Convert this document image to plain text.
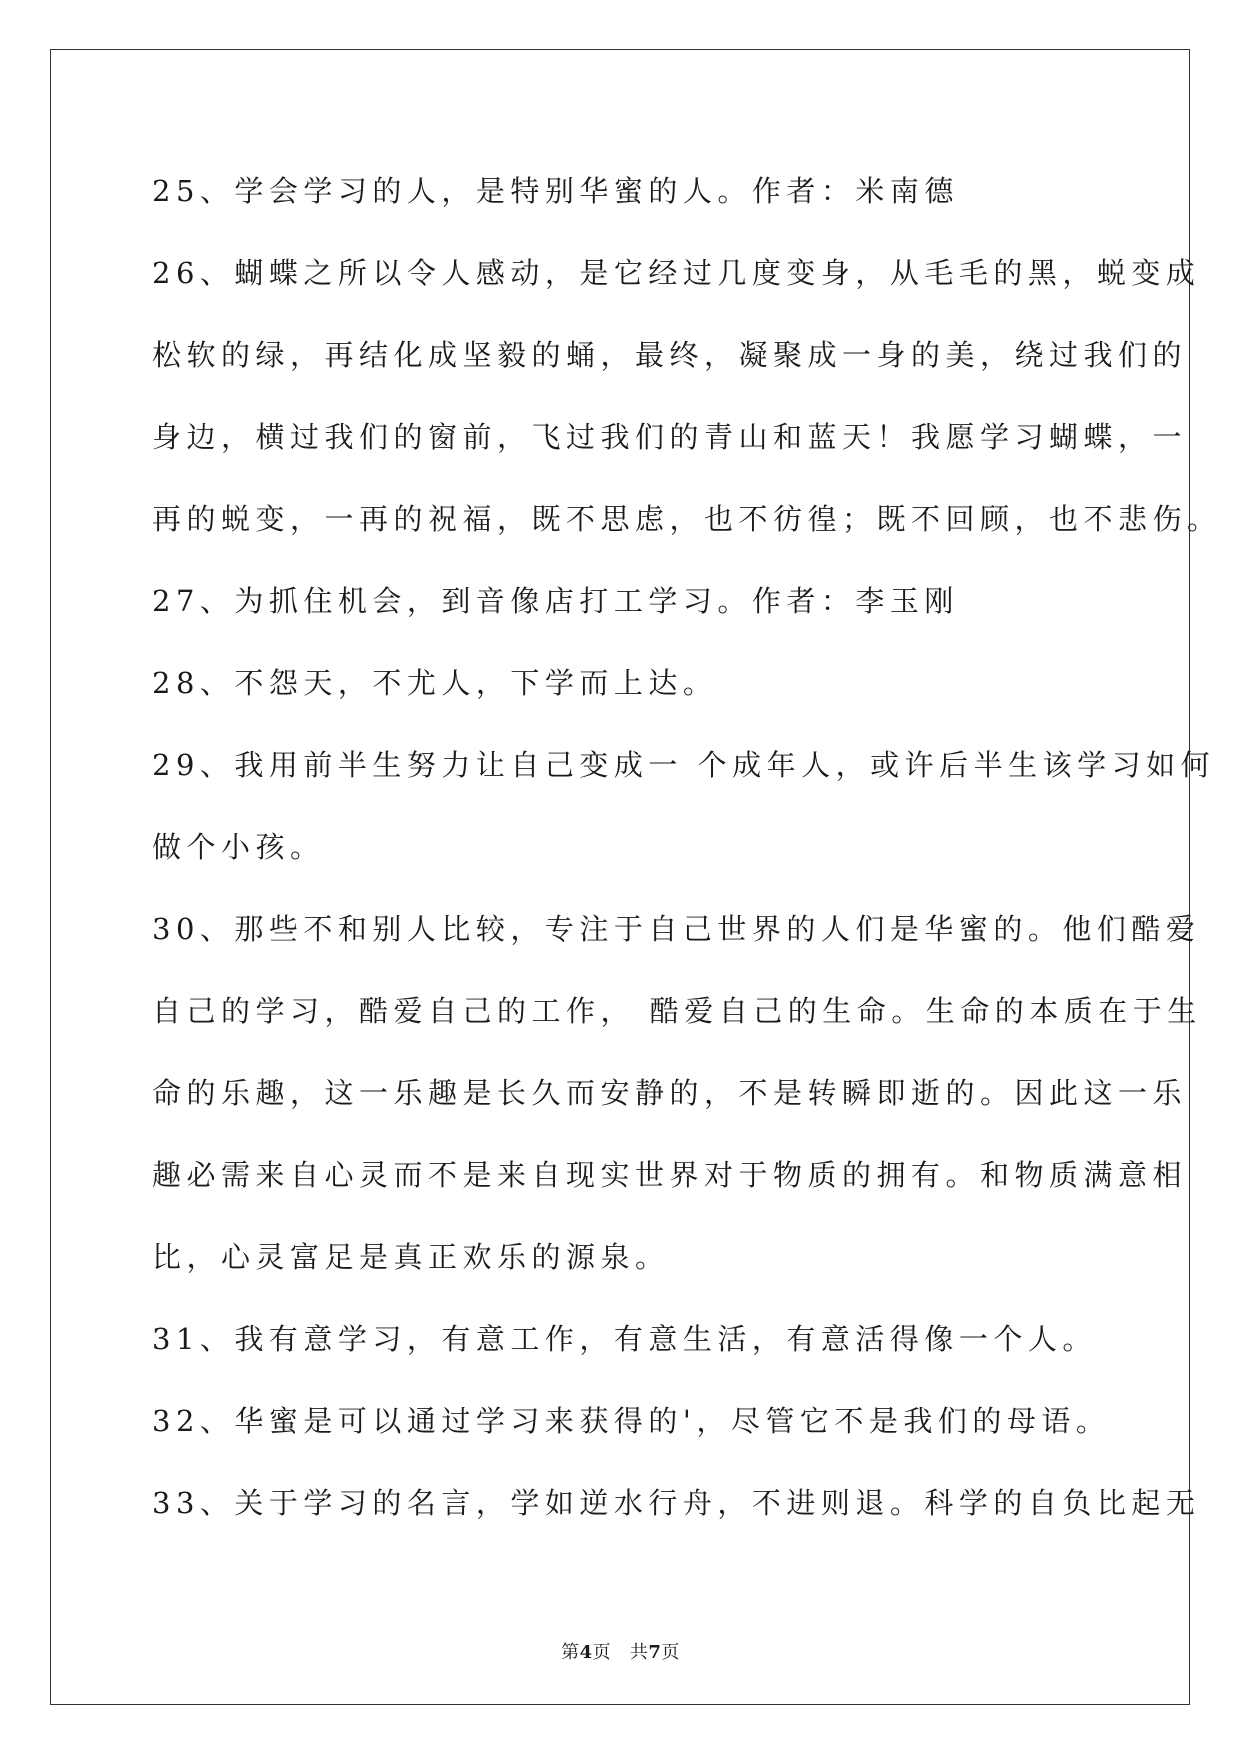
25、学会学习的人，是特别华蜜的人。作者：米南德
26、蝴蝶之所以令人感动，是它经过几度变身，从毛毛的黑，蜕变成
松软的绿，再结化成坚毅的蛹，最终，凝聚成一身的美，绕过我们的
身边，横过我们的窗前，飞过我们的青山和蓝天！我愿学习蝴蝶，一
再的蜕变，一再的祝福，既不思虑，也不彷徨；既不回顾，也不悲伤。
27、为抓住机会，到音像店打工学习。作者：李玉刚
28、不怨天，不尤人，下学而上达。
29、我用前半生努力让自己变成一 个成年人，或许后半生该学习如何
做个小孩。
30、那些不和别人比较，专注于自己世界的人们是华蜜的。他们酷爱
自己的学习，酷爱自己的工作， 酷爱自己的生命。生命的本质在于生
命的乐趣，这一乐趣是长久而安静的，不是转瞬即逝的。因此这一乐
趣必需来自心灵而不是来自现实世界对于物质的拥有。和物质满意相
比，心灵富足是真正欢乐的源泉。
31、我有意学习，有意工作，有意生活，有意活得像一个人。
32、华蜜是可以通过学习来获得的'，尽管它不是我们的母语。
33、关于学习的名言，学如逆水行舟，不进则退。科学的自负比起无
第4页   共7页
